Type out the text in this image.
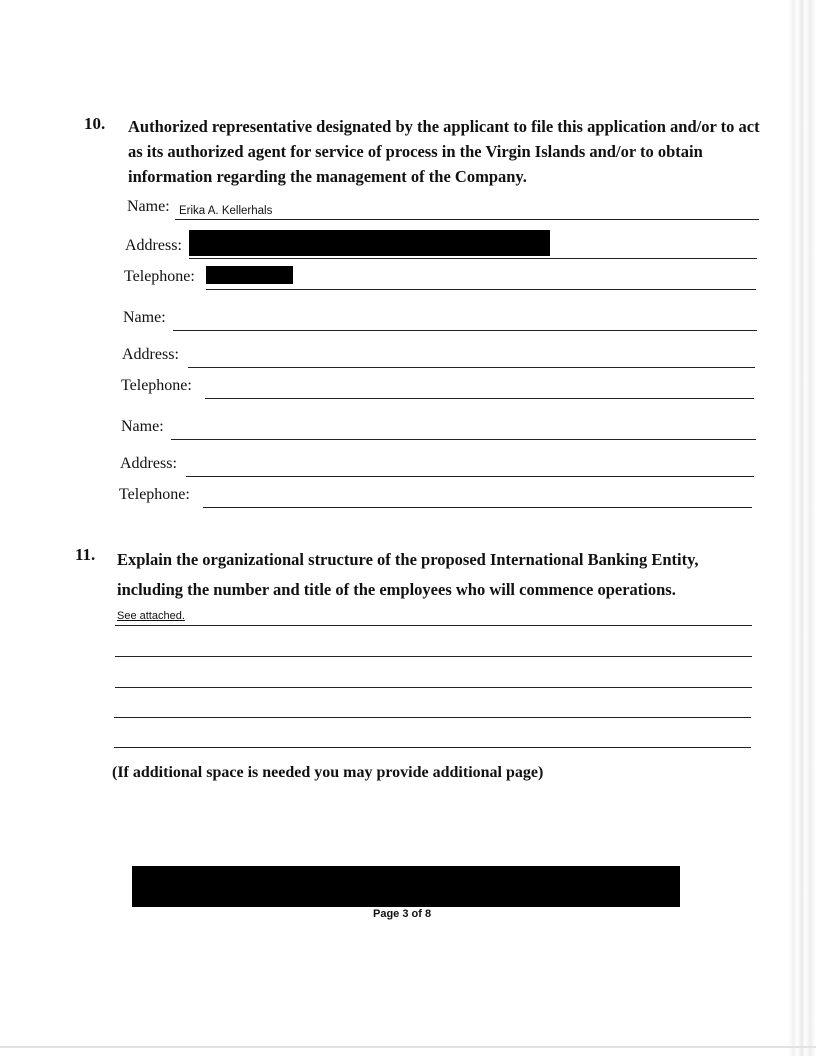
10. Authorized representative designated by the applicant to file this application and/or to act as its authorized agent for service of process in the Virgin Islands and/or to obtain information regarding the management of the Company.
Name: Erika A. Kellerhals
Address:
Telephone:
Name:
Address:
Telephone:
Name:
Address:
Telephone:
11. Explain the organizational structure of the proposed International Banking Entity, including the number and title of the employees who will commence operations.
See attached.
(If additional space is needed you may provide additional page)
Page 3 of 8
